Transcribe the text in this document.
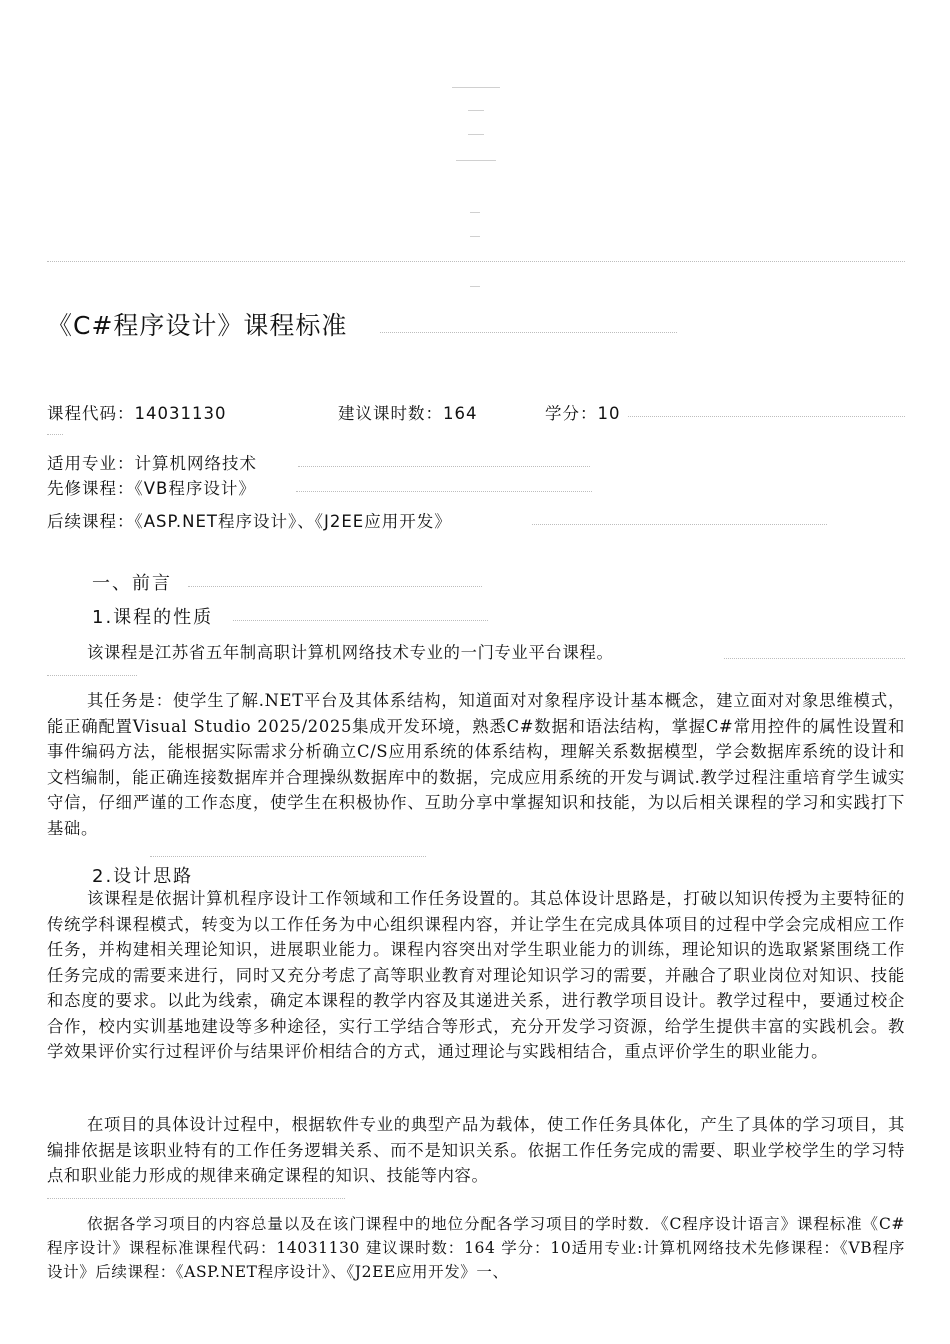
《C#程序设计》课程标准
课程代码：14031130	建议课时数：164	学分：10
适用专业：计算机网络技术
先修课程：《VB程序设计》
后续课程：《ASP.NET程序设计》、《J2EE应用开发》
一、前言
1.课程的性质
该课程是江苏省五年制高职计算机网络技术专业的一门专业平台课程。
其任务是：使学生了解.NET平台及其体系结构，知道面对对象程序设计基本概念，建立面对对象思维模式，能正确配置Visual Studio 2025/2025集成开发环境，熟悉C#数据和语法结构，掌握C#常用控件的属性设置和事件编码方法，能根据实际需求分析确立C/S应用系统的体系结构，理解关系数据模型，学会数据库系统的设计和文档编制，能正确连接数据库并合理操纵数据库中的数据，完成应用系统的开发与调试.教学过程注重培育学生诚实守信，仔细严谨的工作态度，使学生在积极协作、互助分享中掌握知识和技能，为以后相关课程的学习和实践打下基础。
2.设计思路
该课程是依据计算机程序设计工作领域和工作任务设置的。其总体设计思路是，打破以知识传授为主要特征的传统学科课程模式，转变为以工作任务为中心组织课程内容，并让学生在完成具体项目的过程中学会完成相应工作任务，并构建相关理论知识，进展职业能力。课程内容突出对学生职业能力的训练，理论知识的选取紧紧围绕工作任务完成的需要来进行，同时又充分考虑了高等职业教育对理论知识学习的需要，并融合了职业岗位对知识、技能和态度的要求。以此为线索，确定本课程的教学内容及其递进关系，进行教学项目设计。教学过程中，要通过校企合作，校内实训基地建设等多种途径，实行工学结合等形式，充分开发学习资源，给学生提供丰富的实践机会。教学效果评价实行过程评价与结果评价相结合的方式，通过理论与实践相结合，重点评价学生的职业能力。
在项目的具体设计过程中，根据软件专业的典型产品为载体，使工作任务具体化，产生了具体的学习项目，其编排依据是该职业特有的工作任务逻辑关系、而不是知识关系。依据工作任务完成的需要、职业学校学生的学习特点和职业能力形成的规律来确定课程的知识、技能等内容。
依据各学习项目的内容总量以及在该门课程中的地位分配各学习项目的学时数．《C程序设计语言》课程标准《C#程序设计》课程标准课程代码：14031130 建议课时数：164 学分：10适用专业:计算机网络技术先修课程：《VB程序设计》后续课程：《ASP.NET程序设计》、《J2EE应用开发》一、
